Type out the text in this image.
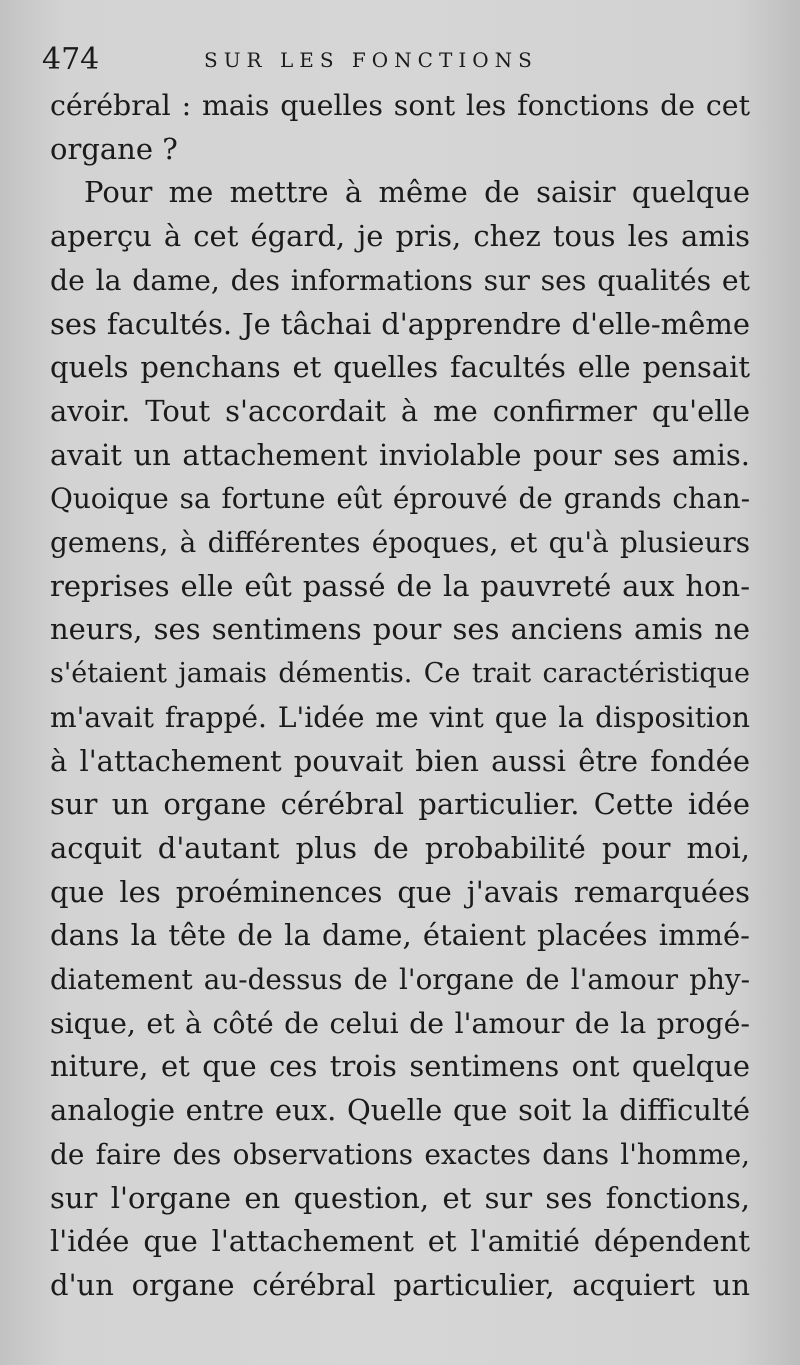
474	SUR LES FONCTIONS
cérébral : mais quelles sont les fonctions de cet
organe ?
Pour me mettre à même de saisir quelque
aperçu à cet égard, je pris, chez tous les amis
de la dame, des informations sur ses qualités et
ses facultés. Je tâchai d'apprendre d'elle-même
quels penchans et quelles facultés elle pensait
avoir. Tout s'accordait à me confirmer qu'elle
avait un attachement inviolable pour ses amis.
Quoique sa fortune eût éprouvé de grands chan-
gemens, à différentes époques, et qu'à plusieurs
reprises elle eût passé de la pauvreté aux hon-
neurs, ses sentimens pour ses anciens amis ne
s'étaient jamais démentis. Ce trait caractéristique
m'avait frappé. L'idée me vint que la disposition
à l'attachement pouvait bien aussi être fondée
sur un organe cérébral particulier. Cette idée
acquit d'autant plus de probabilité pour moi,
que les proéminences que j'avais remarquées
dans la tête de la dame, étaient placées immé-
diatement au-dessus de l'organe de l'amour phy-
sique, et à côté de celui de l'amour de la progé-
niture, et que ces trois sentimens ont quelque
analogie entre eux. Quelle que soit la difficulté
de faire des observations exactes dans l'homme,
sur l'organe en question, et sur ses fonctions,
l'idée que l'attachement et l'amitié dépendent
d'un organe cérébral particulier, acquiert un
